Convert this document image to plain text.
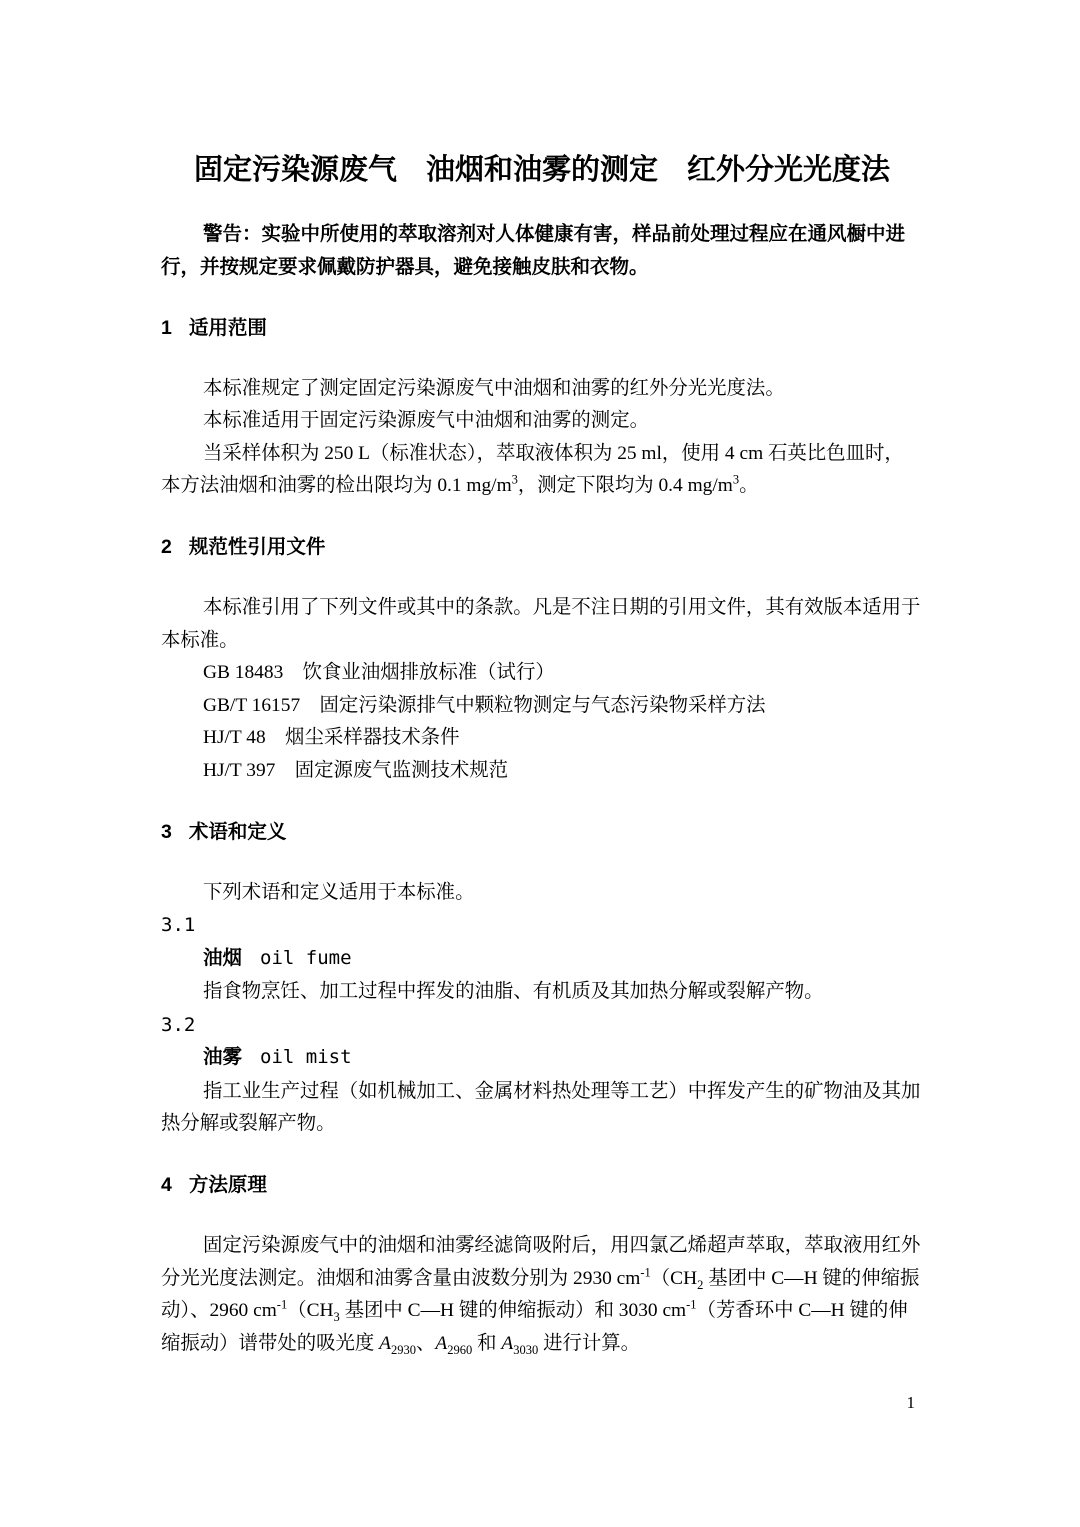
固定污染源废气　油烟和油雾的测定　红外分光光度法

警告：实验中所使用的萃取溶剂对人体健康有害，样品前处理过程应在通风橱中进行，并按规定要求佩戴防护器具，避免接触皮肤和衣物。

1 适用范围

本标准规定了测定固定污染源废气中油烟和油雾的红外分光光度法。

本标准适用于固定污染源废气中油烟和油雾的测定。

当采样体积为 250 L（标准状态），萃取液体积为 25 ml，使用 4 cm 石英比色皿时，本方法油烟和油雾的检出限均为 0.1 $mg/m^3$，测定下限均为 0.4 $mg/m^3$。

2 规范性引用文件

本标准引用了下列文件或其中的条款。凡是不注日期的引用文件，其有效版本适用于本标准。

GB 18483　饮食业油烟排放标准（试行）

GB/T 16157　固定污染源排气中颗粒物测定与气态污染物采样方法

HJ/T 48　烟尘采样器技术条件

HJ/T 397　固定源废气监测技术规范

3 术语和定义

下列术语和定义适用于本标准。

3.1

油烟 oil fume

指食物烹饪、加工过程中挥发的油脂、有机质及其加热分解或裂解产物。

3.2

油雾 oil mist

指工业生产过程（如机械加工、金属材料热处理等工艺）中挥发产生的矿物油及其加热分解或裂解产物。

4 方法原理

固定污染源废气中的油烟和油雾经滤筒吸附后，用四氯乙烯超声萃取，萃取液用红外分光光度法测定。油烟和油雾含量由波数分别为 2930 $cm^{-1}(CH_2$ 基团中 C—H 键的伸缩振动）、2960 $cm^{-1}(CH_3$ 基团中 C—H 键的伸缩振动）和 3030 $cm^{-1}$（芳香环中 C—H 键的伸缩振动）谱带处的吸光度 $A_{2930}$、$A_{2960}$ 和 $A_{3030}$ 进行计算。

1
